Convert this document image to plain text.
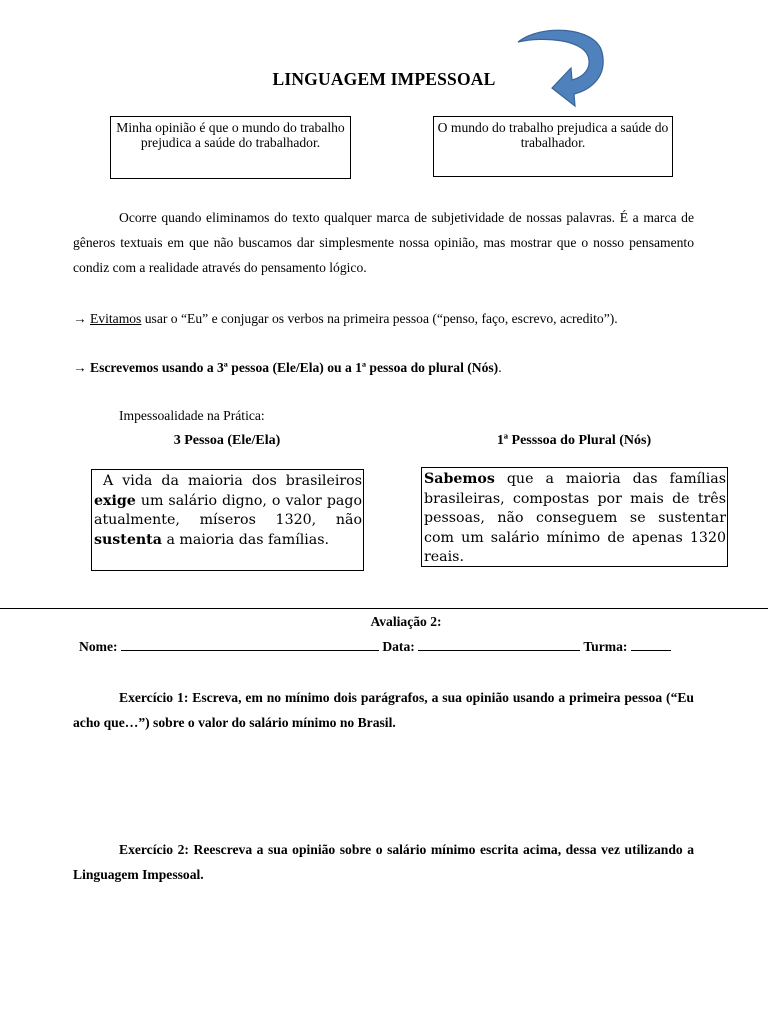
LINGUAGEM IMPESSOAL
Minha opinião é que o mundo do trabalho prejudica a saúde do trabalhador.
O mundo do trabalho prejudica a saúde do trabalhador.
Ocorre quando eliminamos do texto qualquer marca de subjetividade de nossas palavras. É a marca de gêneros textuais em que não buscamos dar simplesmente nossa opinião, mas mostrar que o nosso pensamento condiz com a realidade através do pensamento lógico.
→ Evitamos usar o “Eu” e conjugar os verbos na primeira pessoa (“penso, faço, escrevo, acredito”).
→ Escrevemos usando a 3ª pessoa (Ele/Ela) ou a 1ª pessoa do plural (Nós).
Impessoalidade na Prática:
3 Pessoa (Ele/Ela)	1ª Pesssoa do Plural (Nós)
A vida da maioria dos brasileiros exige um salário digno, o valor pago atualmente, míseros 1320, não sustenta a maioria das famílias.
Sabemos que a maioria das famílias brasileiras, compostas por mais de três pessoas, não conseguem se sustentar com um salário mínimo de apenas 1320 reais.
Avaliação 2:
Nome:	Data:	Turma:
Exercício 1: Escreva, em no mínimo dois parágrafos, a sua opinião usando a primeira pessoa (“Eu acho que…”) sobre o valor do salário mínimo no Brasil.
Exercício 2: Reescreva a sua opinião sobre o salário mínimo escrita acima, dessa vez utilizando a Linguagem Impessoal.
